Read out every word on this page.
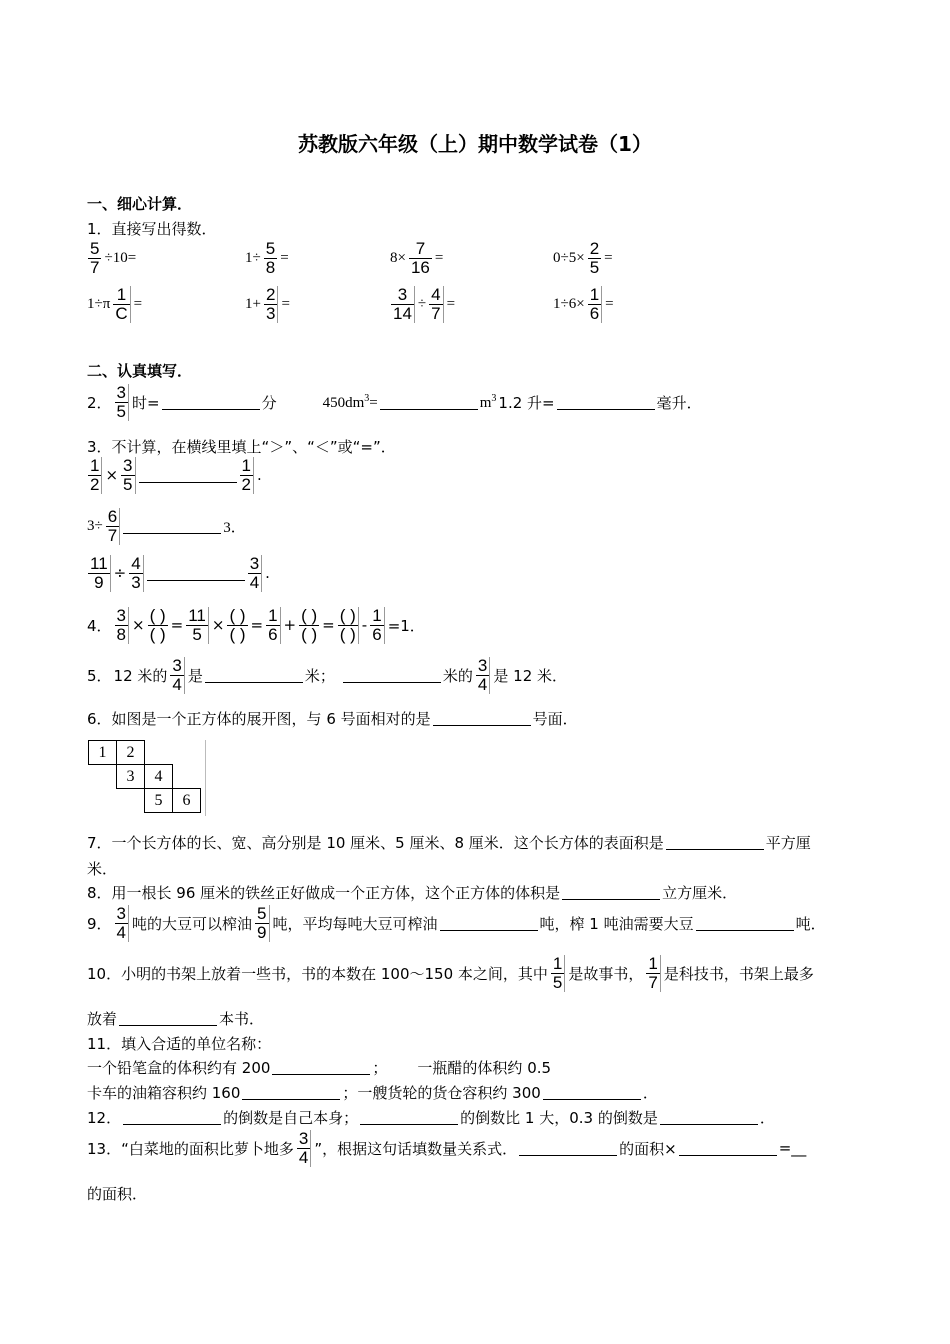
苏教版六年级（上）期中数学试卷（1）
一、细心计算．
1．直接写出得数．
$\frac{5}{7} \div 10=$	$1\div \frac{5}{8}$ =	$8\times \frac{7}{16}$ =	$0\div 5\times \frac{2}{5}$ =
$1\div\pi \frac{1}{C}$ =	$1+ \frac{2}{3}$ =	$\frac{3}{14} \div \frac{4}{7}$ =	$1\div 6\times \frac{1}{6}$ =
二、认真填写．
2． $\frac{3}{5}$ 时=	分	$450dm^3=$	$m^3$ 1.2 升=	毫升．
3．不计算，在横线里填上“＞”、“＜”或“=”．
$\frac{1}{2} \times \frac{3}{5}$	$\frac{1}{2}$ .
$3\div \frac{6}{7}$	3．
$\frac{11}{9} \div \frac{4}{3}$	$\frac{3}{4}$ .
4． $\frac{3}{8} \times \frac{( )}{( )} = \frac{11}{5} \times \frac{( )}{( )} = \frac{1}{6} + \frac{( )}{( )} = \frac{( )}{( )} - \frac{1}{6} =1$．
5． 12 米的 $\frac{3}{4}$ 是	米；	米的 $\frac{3}{4}$ 是 12 米．
6．如图是一个正方体的展开图，与 6 号面相对的是	号面．
1	2		
	3	4	
		5	6
7．一个长方体的长、宽、高分别是 10 厘米、5 厘米、8 厘米．这个长方体的表面积是	平方厘
米．
8．用一根长 96 厘米的铁丝正好做成一个正方体，这个正方体的体积是	立方厘米．
9． $\frac{3}{4}$ 吨的大豆可以榨油 $\frac{5}{9}$ 吨，平均每吨大豆可榨油	吨，榨 1 吨油需要大豆	吨．
10．小明的书架上放着一些书，书的本数在 100～150 本之间，其中 $\frac{1}{5}$ 是故事书， $\frac{1}{7}$ 是科技书，书架上最多
放着	本书．
11．填入合适的单位名称：
一个铅笔盒的体积约有 200	； 一瓶醋的体积约 0.5
卡车的油箱容积约 160	；一艘货轮的货仓容积约 300	．
12．	的倒数是自己本身；	的倒数比 1 大，0.3 的倒数是	．
13．“白菜地的面积比萝卜地多 $\frac{3}{4}$ ”，根据这句话填数量关系式．	的面积×	=__
的面积．
